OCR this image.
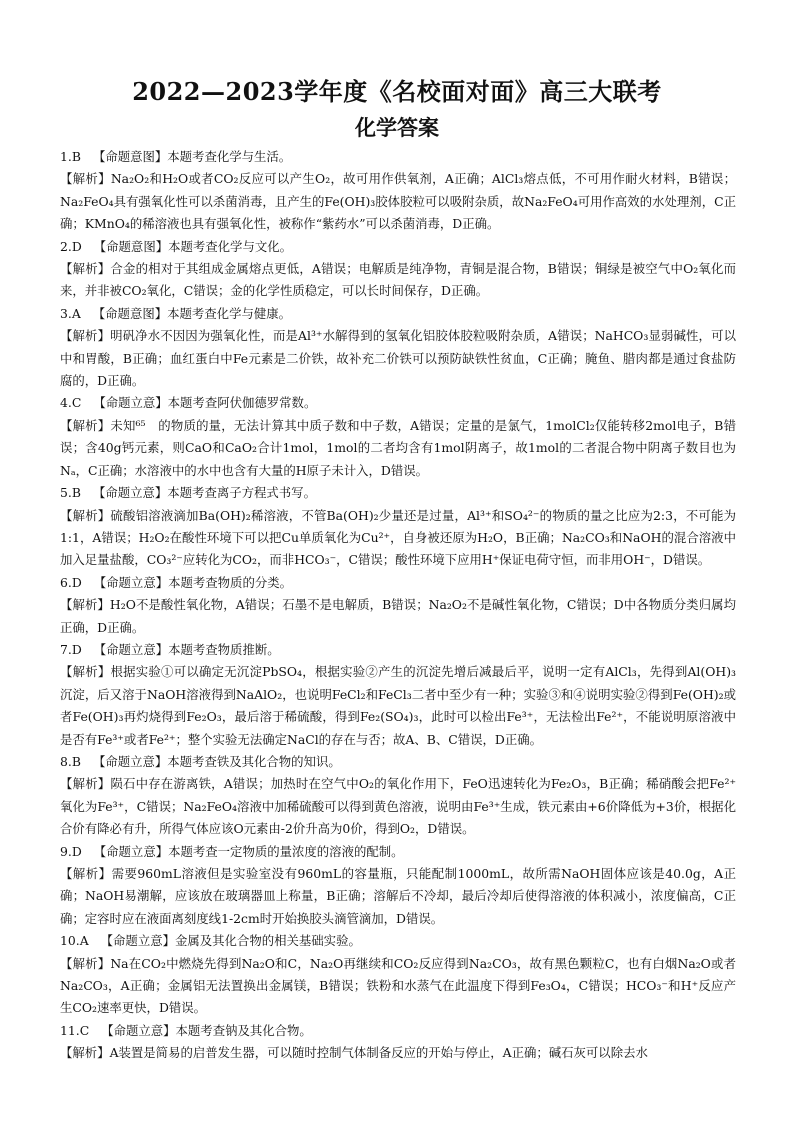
2022—2023学年度《名校面对面》高三大联考
化学答案

1.B 【命题意图】本题考查化学与生活。

【解析】Na₂O₂和H₂O或者CO₂反应可以产生O₂，故可用作供氧剂，A正确；AlCl₃熔点低，不可用作耐火材料，B错误；Na₂FeO₄具有强氧化性可以杀菌消毒，且产生的Fe(OH)₃胶体胶粒可以吸附杂质，故Na₂FeO₄可用作高效的水处理剂，C正确；KMnO₄的稀溶液也具有强氧化性，被称作“紫药水”可以杀菌消毒，D正确。

2.D 【命题意图】本题考查化学与文化。

【解析】合金的相对于其组成金属熔点更低，A错误；电解质是纯净物，青铜是混合物，B错误；铜绿是被空气中O₂氧化而来，并非被CO₂氧化，C错误；金的化学性质稳定，可以长时间保存，D正确。

3.A 【命题意图】本题考查化学与健康。

【解析】明矾净水不因因为强氧化性，而是Al³⁺水解得到的氢氧化铝胶体胶粒吸附杂质，A错误；NaHCO₃显弱碱性，可以中和胃酸，B正确；血红蛋白中Fe元素是二价铁，故补充二价铁可以预防缺铁性贫血，C正确；腌鱼、腊肉都是通过食盐防腐的，D正确。

4.C 【命题立意】本题考查阿伏伽德罗常数。

【解析】未知⁶⁵　的物质的量，无法计算其中质子数和中子数，A错误；定量的是氯气，1molCl₂仅能转移2mol电子，B错误；含40g钙元素，则CaO和CaO₂合计1mol，1mol的二者均含有1mol阴离子，故1mol的二者混合物中阴离子数目也为Nₐ，C正确；水溶液中的水中也含有大量的H原子未计入，D错误。

5.B 【命题立意】本题考查离子方程式书写。

【解析】硫酸铝溶液滴加Ba(OH)₂稀溶液，不管Ba(OH)₂少量还是过量，Al³⁺和SO₄²⁻的物质的量之比应为2:3，不可能为1:1，A错误；H₂O₂在酸性环境下可以把Cu单质氧化为Cu²⁺，自身被还原为H₂O，B正确；Na₂CO₃和NaOH的混合溶液中加入足量盐酸，CO₃²⁻应转化为CO₂，而非HCO₃⁻，C错误；酸性环境下应用H⁺保证电荷守恒，而非用OH⁻，D错误。

6.D 【命题立意】本题考查物质的分类。

【解析】H₂O不是酸性氧化物，A错误；石墨不是电解质，B错误；Na₂O₂不是碱性氧化物，C错误；D中各物质分类归属均正确，D正确。

7.D 【命题立意】本题考查物质推断。

【解析】根据实验①可以确定无沉淀PbSO₄，根据实验②产生的沉淀先增后减最后平，说明一定有AlCl₃，先得到Al(OH)₃沉淀，后又溶于NaOH溶液得到NaAlO₂，也说明FeCl₂和FeCl₃二者中至少有一种；实验③和④说明实验②得到Fe(OH)₂或者Fe(OH)₃再灼烧得到Fe₂O₃，最后溶于稀硫酸，得到Fe₂(SO₄)₃，此时可以检出Fe³⁺，无法检出Fe²⁺，不能说明原溶液中是否有Fe³⁺或者Fe²⁺；整个实验无法确定NaCl的存在与否；故A、B、C错误，D正确。

8.B 【命题立意】本题考查铁及其化合物的知识。

【解析】陨石中存在游离铁，A错误；加热时在空气中O₂的氧化作用下，FeO迅速转化为Fe₂O₃，B正确；稀硝酸会把Fe²⁺氧化为Fe³⁺，C错误；Na₂FeO₄溶液中加稀硫酸可以得到黄色溶液，说明由Fe³⁺生成，铁元素由+6价降低为+3价，根据化合价有降必有升，所得气体应该O元素由-2价升高为0价，得到O₂，D错误。

9.D 【命题立意】本题考查一定物质的量浓度的溶液的配制。

【解析】需要960mL溶液但是实验室没有960mL的容量瓶，只能配制1000mL，故所需NaOH固体应该是40.0g，A正确；NaOH易潮解，应该放在玻璃器皿上称量，B正确；溶解后不冷却，最后冷却后使得溶液的体积减小，浓度偏高，C正确；定容时应在液面离刻度线1-2cm时开始换胶头滴管滴加，D错误。

10.A 【命题立意】金属及其化合物的相关基础实验。

【解析】Na在CO₂中燃烧先得到Na₂O和C，Na₂O再继续和CO₂反应得到Na₂CO₃，故有黑色颗粒C，也有白烟Na₂O或者Na₂CO₃，A正确；金属铝无法置换出金属镁，B错误；铁粉和水蒸气在此温度下得到Fe₃O₄，C错误；HCO₃⁻和H⁺反应产生CO₂速率更快，D错误。

11.C 【命题立意】本题考查钠及其化合物。

【解析】A装置是简易的启普发生器，可以随时控制气体制备反应的开始与停止，A正确；碱石灰可以除去水
